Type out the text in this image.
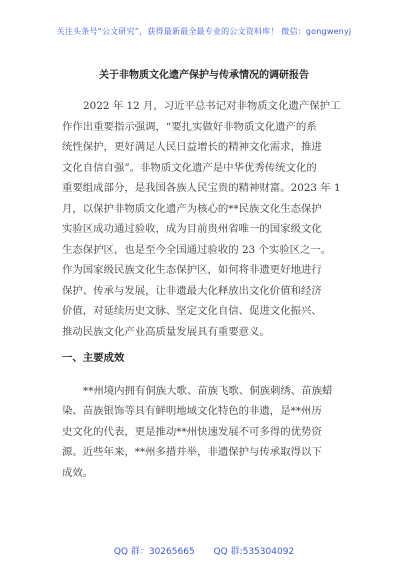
关注头条号“公文研究”，获得最新最全最专业的公文资料库！ 微信：gongwenyj
关于非物质文化遗产保护与传承情况的调研报告
2022 年 12 月，习近平总书记对非物质文化遗产保护工
作作出重要指示强调，“要扎实做好非物质文化遗产的系
统性保护，更好满足人民日益增长的精神文化需求，推进
文化自信自强”。非物质文化遗产是中华优秀传统文化的
重要组成部分，是我国各族人民宝贵的精神财富。2023 年 1
月，以保护非物质文化遗产为核心的**民族文化生态保护
实验区成功通过验收，成为目前贵州省唯一的国家级文化
生态保护区，也是至今全国通过验收的 23 个实验区之一。
作为国家级民族文化生态保护区，如何将非遗更好地进行
保护、传承与发展，让非遗最大化释放出文化价值和经济
价值，对延续历史文脉、坚定文化自信、促进文化振兴、
推动民族文化产业高质量发展具有重要意义。
一、主要成效
**州境内拥有侗族大歌、苗族飞歌、侗族刺绣、苗族蜡
染、苗族银饰等具有鲜明地域文化特色的非遗，是**州历
史文化的代表，更是推动**州快速发展不可多得的优势资
源。近些年来，**州多措并举，非遗保护与传承取得以下
成效。
QQ 群：30265665 QQ 群:535304092
